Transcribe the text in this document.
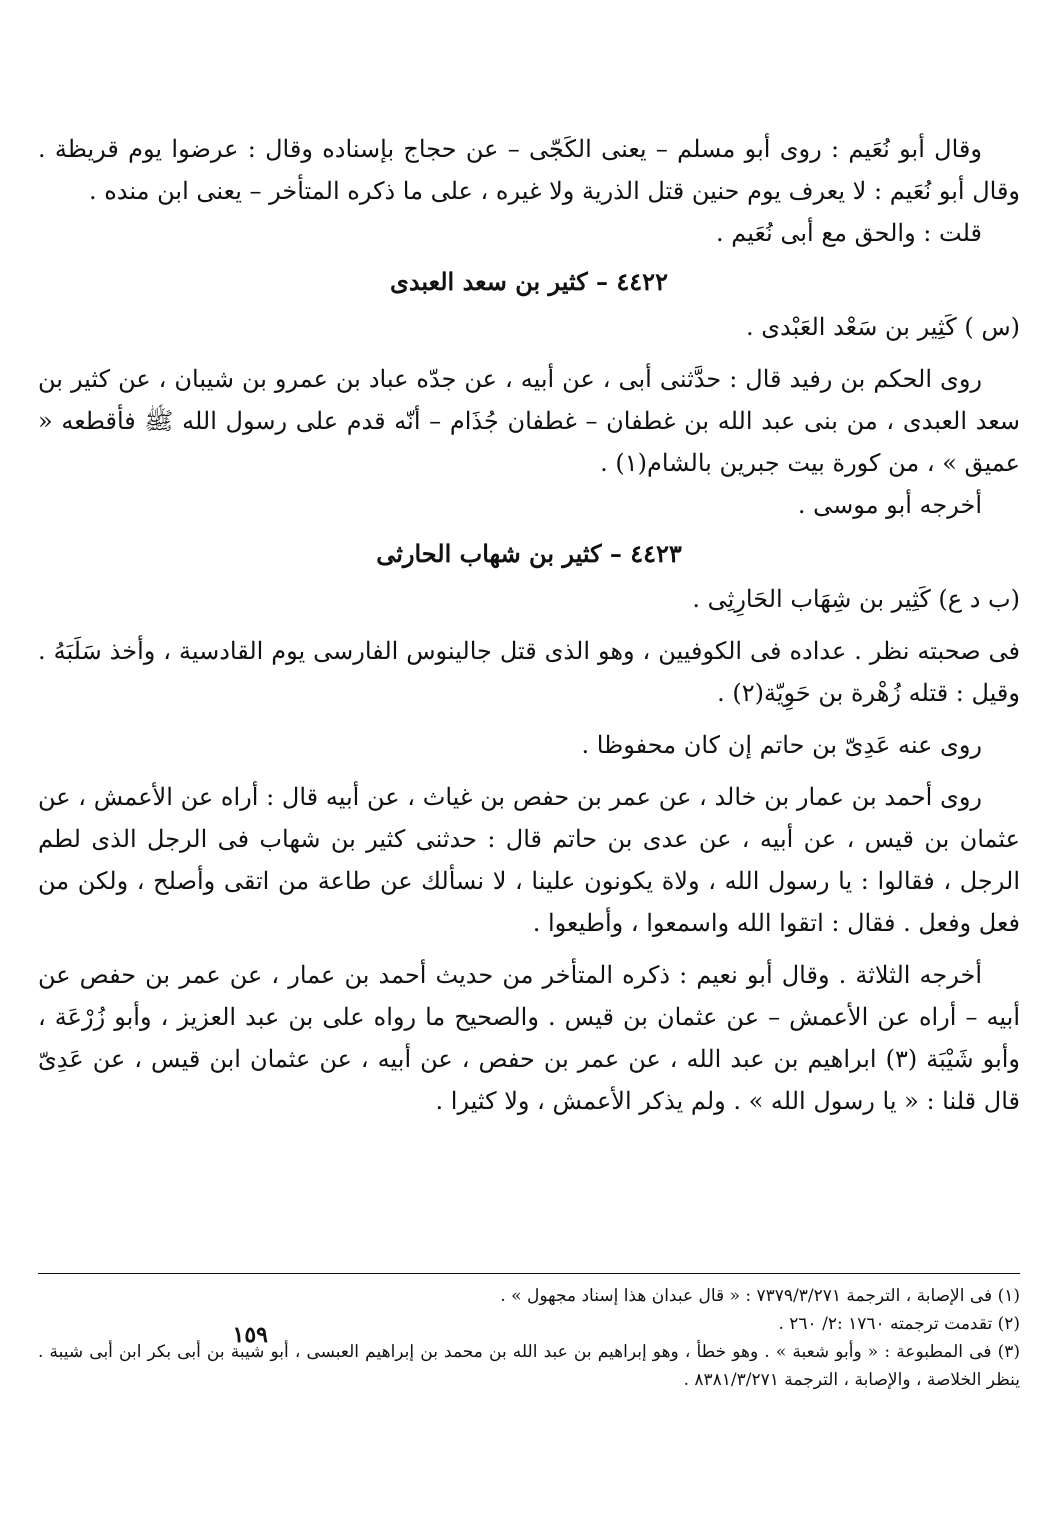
وقال أبو نُعَيم : روى أبو مسلم – يعنى الكَجّى – عن حجاج بإسناده وقال : عرضوا يوم قريظة . وقال أبو نُعَيم : لا يعرف يوم حنين قتل الذرية ولا غيره ، على ما ذكره المتأخر – يعنى ابن منده .

قلت : والحق مع أبى نُعَيم .

٤٤٢٢ – كثير بن سعد العبدى

(س ) كَثِير بن سَعْد العَبْدى .

روى الحكم بن رفيد قال : حدَّثنى أبى ، عن أبيه ، عن جدّه عباد بن عمرو بن شيبان ، عن كثير بن سعد العبدى ، من بنى عبد الله بن غطفان – غطفان جُذَام – أنّه قدم على رسول الله ﷺ فأقطعه « عميق » ، من كورة بيت جبرين بالشام(١) .

أخرجه أبو موسى .

٤٤٢٣ – كثير بن شهاب الحارثى

(ب د ع) كَثِير بن شِهَاب الحَارِثِى .

فى صحبته نظر . عداده فى الكوفيين ، وهو الذى قتل جالينوس الفارسى يوم القادسية ، وأخذ سَلَبَهُ . وقيل : قتله زُهْرة بن حَوِيّة(٢) .

روى عنه عَدِىّ بن حاتم إن كان محفوظا .

روى أحمد بن عمار بن خالد ، عن عمر بن حفص بن غياث ، عن أبيه قال : أراه عن الأعمش ، عن عثمان بن قيس ، عن أبيه ، عن عدى بن حاتم قال : حدثنى كثير بن شهاب فى الرجل الذى لطم الرجل ، فقالوا : يا رسول الله ، ولاة يكونون علينا ، لا نسألك عن طاعة من اتقى وأصلح ، ولكن من فعل وفعل . فقال : اتقوا الله واسمعوا ، وأطيعوا .

أخرجه الثلاثة . وقال أبو نعيم : ذكره المتأخر من حديث أحمد بن عمار ، عن عمر بن حفص عن أبيه – أراه عن الأعمش – عن عثمان بن قيس . والصحيح ما رواه على بن عبد العزيز ، وأبو زُرْعَة ، وأبو شَيْبَة (٣) ابراهيم بن عبد الله ، عن عمر بن حفص ، عن أبيه ، عن عثمان ابن قيس ، عن عَدِىّ قال قلنا : « يا رسول الله » . ولم يذكر الأعمش ، ولا كثيرا .

(١) فى الإصابة ، الترجمة ٧٣٧٩/٣/٢٧١ : « قال عبدان هذا إسناد مجهول » .

(٢) تقدمت ترجمته ١٧٦٠ :٢/ ٢٦٠ .

(٣) فى المطبوعة : « وأبو شعبة » . وهو خطأ ، وهو إبراهيم بن عبد الله بن محمد بن إبراهيم العبسى ، أبو شيبة بن أبى بكر ابن أبى شيبة . ينظر الخلاصة ، والإصابة ، الترجمة ٨٣٨١/٣/٢٧١ .

١٥٩
